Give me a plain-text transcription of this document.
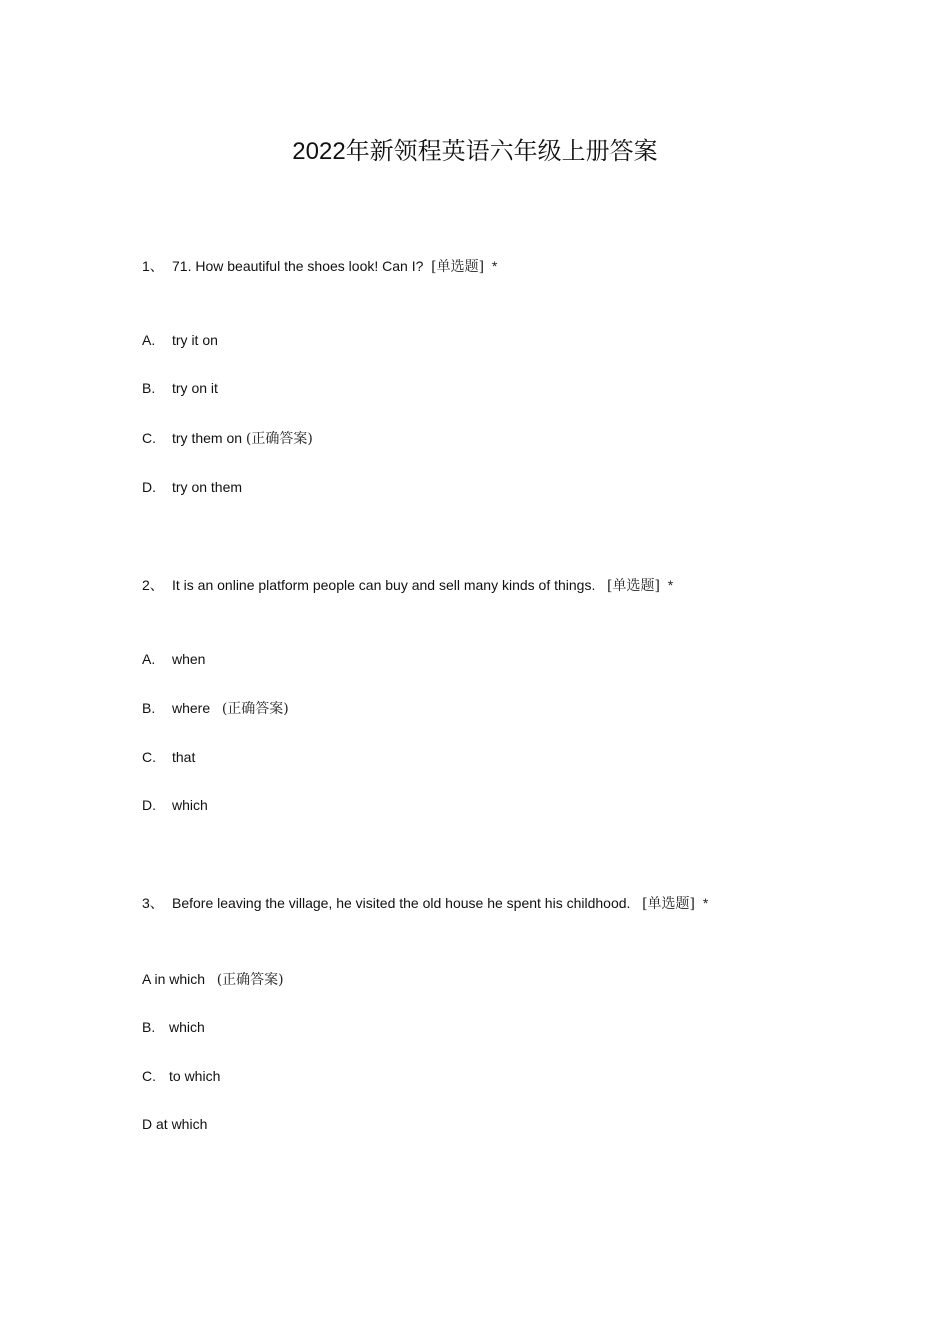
2022年新领程英语六年级上册答案
1、 71. How beautiful the shoes look! Can I? [单选题] *
A. try it on
B. try on it
C. try them on (正确答案)
D. try on them
2、 It is an online platform people can buy and sell many kinds of things. [单选题] *
A. when
B. where (正确答案)
C. that
D. which
3、 Before leaving the village, he visited the old house he spent his childhood. [单选题] *
A in which (正确答案)
B. which
C. to which
D at which
